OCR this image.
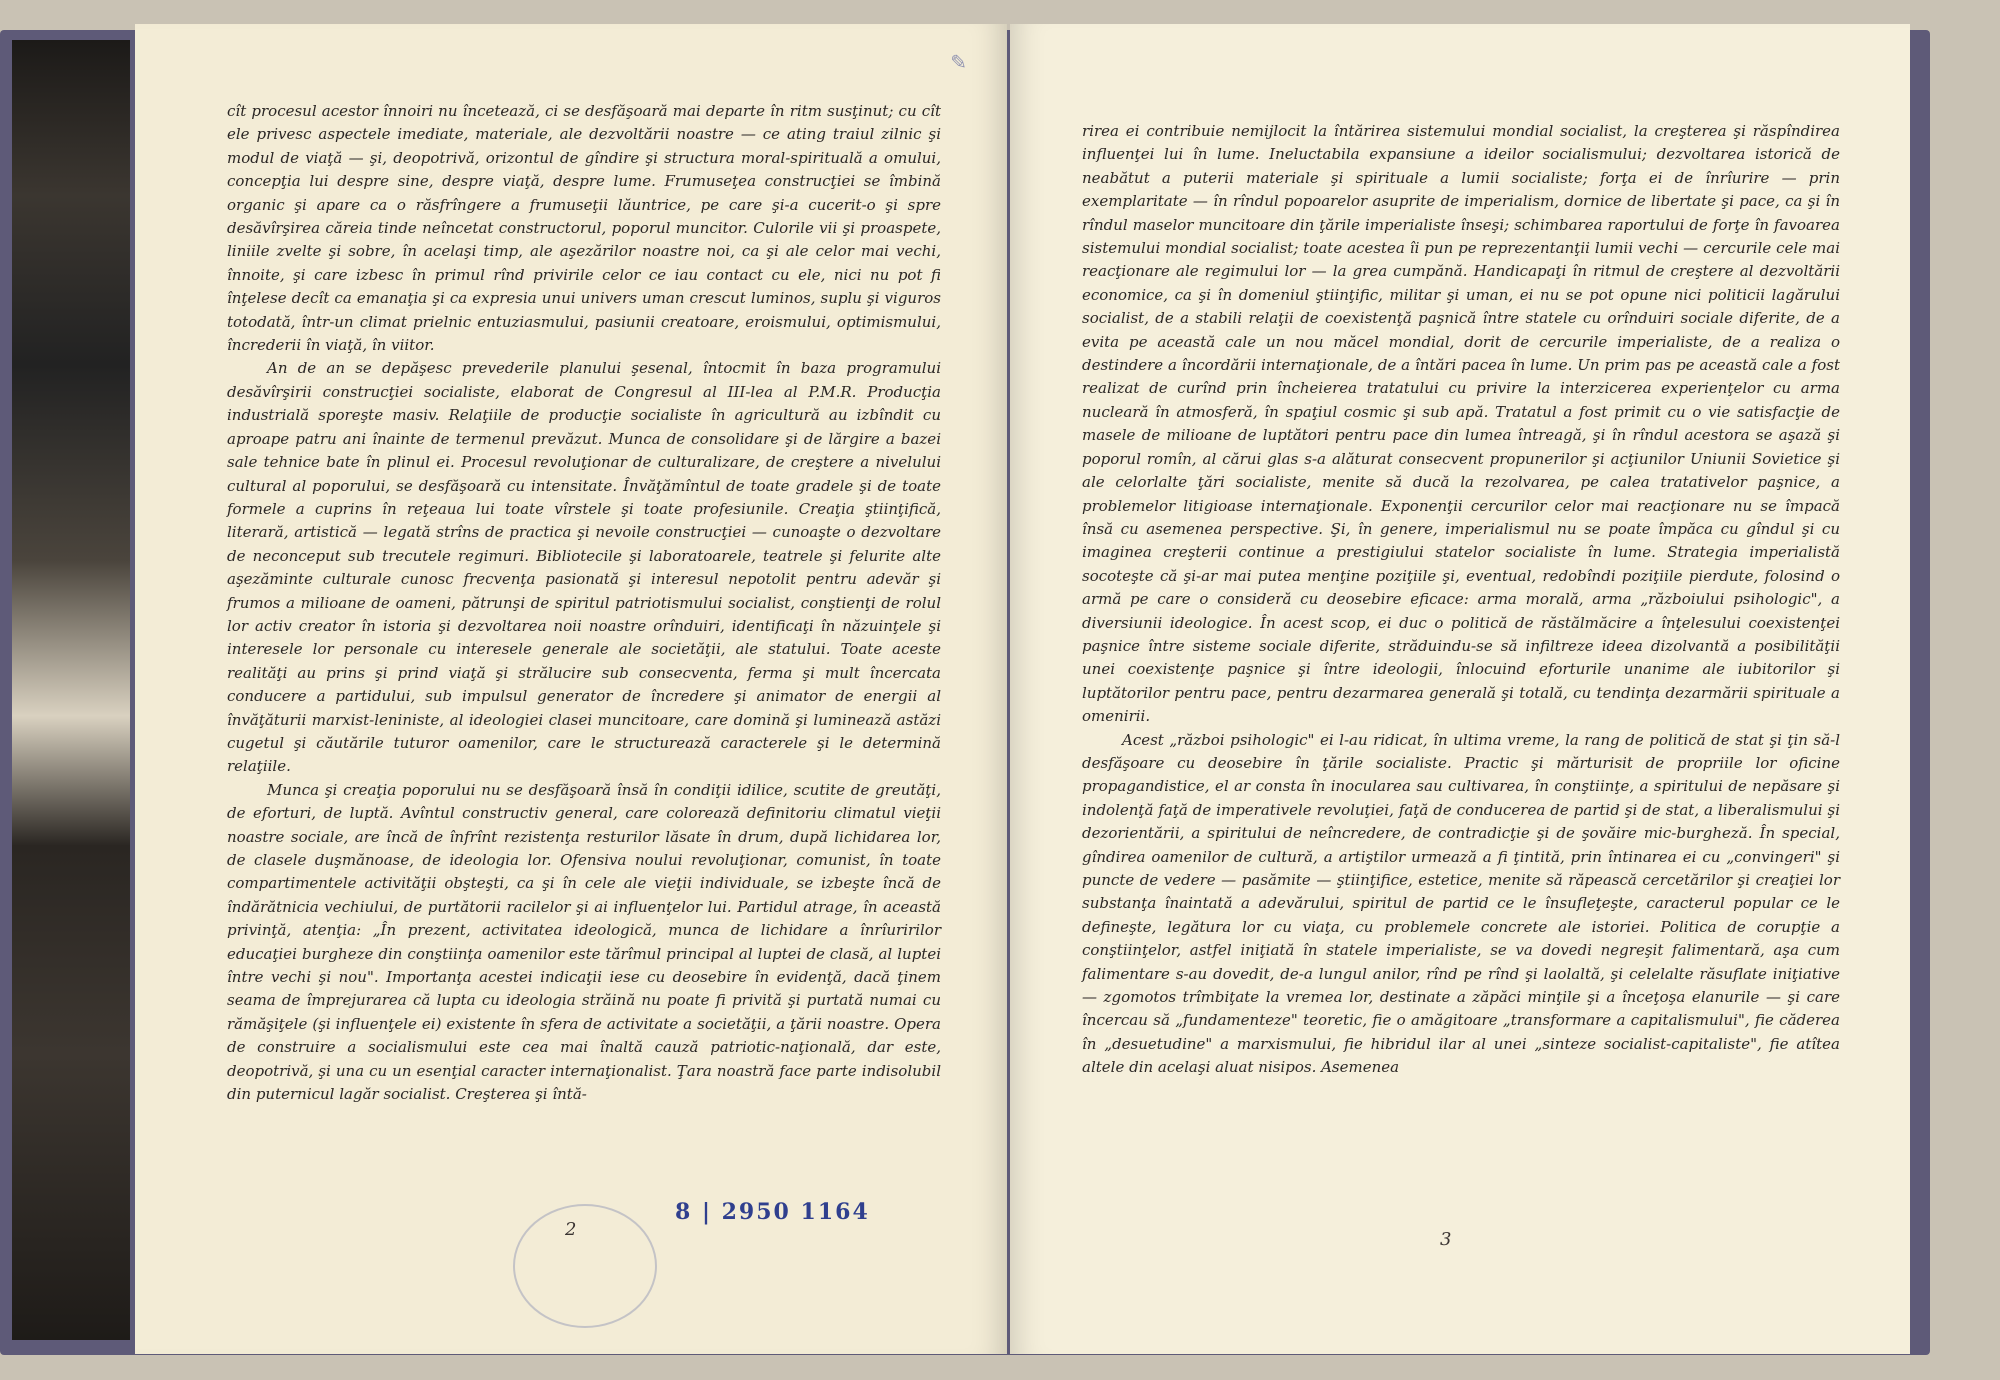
✎

cît procesul acestor înnoiri nu încetează, ci se desfăşoară mai departe în ritm susţinut; cu cît ele privesc aspectele imediate, materiale, ale dezvoltării noastre — ce ating traiul zilnic şi modul de viaţă — şi, deopotrivă, orizontul de gîndire şi structura moral-spirituală a omului, concepţia lui despre sine, despre viaţă, despre lume. Frumuseţea construcţiei se îmbină organic şi apare ca o răsfrîngere a frumuseţii lăuntrice, pe care şi-a cucerit-o şi spre desăvîrşirea căreia tinde neîncetat constructorul, poporul muncitor. Culorile vii şi proaspete, liniile zvelte şi sobre, în acelaşi timp, ale aşezărilor noastre noi, ca şi ale celor mai vechi, înnoite, şi care izbesc în primul rînd privirile celor ce iau contact cu ele, nici nu pot fi înţelese decît ca emanaţia şi ca expresia unui univers uman crescut luminos, suplu şi viguros totodată, într-un climat prielnic entuziasmului, pasiunii creatoare, eroismului, optimismului, încrederii în viaţă, în viitor.

An de an se depăşesc prevederile planului şesenal, întocmit în baza programului desăvîrşirii construcţiei socialiste, elaborat de Congresul al III-lea al P.M.R. Producţia industrială sporeşte masiv. Relaţiile de producţie socialiste în agricultură au izbîndit cu aproape patru ani înainte de termenul prevăzut. Munca de consolidare şi de lărgire a bazei sale tehnice bate în plinul ei. Procesul revoluţionar de culturalizare, de creştere a nivelului cultural al poporului, se desfăşoară cu intensitate. Învăţămîntul de toate gradele şi de toate formele a cuprins în reţeaua lui toate vîrstele şi toate profesiunile. Creaţia ştiinţifică, literară, artistică — legată strîns de practica şi nevoile construcţiei — cunoaşte o dezvoltare de neconceput sub trecutele regimuri. Bibliotecile şi laboratoarele, teatrele şi felurite alte aşezăminte culturale cunosc frecvenţa pasionată şi interesul nepotolit pentru adevăr şi frumos a milioane de oameni, pătrunşi de spiritul patriotismului socialist, conştienţi de rolul lor activ creator în istoria şi dezvoltarea noii noastre orînduiri, identificaţi în năzuinţele şi interesele lor personale cu interesele generale ale societăţii, ale statului. Toate aceste realităţi au prins şi prind viaţă şi strălucire sub consecventa, ferma şi mult încercata conducere a partidului, sub impulsul generator de încredere şi animator de energii al învăţăturii marxist-leniniste, al ideologiei clasei muncitoare, care domină şi luminează astăzi cugetul şi căutările tuturor oamenilor, care le structurează caracterele şi le determină relaţiile.

Munca şi creaţia poporului nu se desfăşoară însă în condiţii idilice, scutite de greutăţi, de eforturi, de luptă. Avîntul constructiv general, care colorează definitoriu climatul vieţii noastre sociale, are încă de înfrînt rezistenţa resturilor lăsate în drum, după lichidarea lor, de clasele duşmănoase, de ideologia lor. Ofensiva noului revoluţionar, comunist, în toate compartimentele activităţii obşteşti, ca şi în cele ale vieţii individuale, se izbeşte încă de îndărătnicia vechiului, de purtătorii racilelor şi ai influenţelor lui. Partidul atrage, în această privinţă, atenţia: „În prezent, activitatea ideologică, munca de lichidare a înrîuririlor educaţiei burgheze din conştiinţa oamenilor este tărîmul principal al luptei de clasă, al luptei între vechi şi nou". Importanţa acestei indicaţii iese cu deosebire în evidenţă, dacă ţinem seama de împrejurarea că lupta cu ideologia străină nu poate fi privită şi purtată numai cu rămăşiţele (şi influenţele ei) existente în sfera de activitate a societăţii, a ţării noastre. Opera de construire a socialismului este cea mai înaltă cauză patriotic-naţională, dar este, deopotrivă, şi una cu un esenţial caracter internaţionalist. Ţara noastră face parte indisolubil din puternicul lagăr socialist. Creşterea şi întă-

2
8 | 2950 1164

rirea ei contribuie nemijlocit la întărirea sistemului mondial socialist, la creşterea şi răspîndirea influenţei lui în lume. Ineluctabila expansiune a ideilor socialismului; dezvoltarea istorică de neabătut a puterii materiale şi spirituale a lumii socialiste; forţa ei de înrîurire — prin exemplaritate — în rîndul popoarelor asuprite de imperialism, dornice de libertate şi pace, ca şi în rîndul maselor muncitoare din ţările imperialiste înseşi; schimbarea raportului de forţe în favoarea sistemului mondial socialist; toate acestea îi pun pe reprezentanţii lumii vechi — cercurile cele mai reacţionare ale regimului lor — la grea cumpănă. Handicapaţi în ritmul de creştere al dezvoltării economice, ca şi în domeniul ştiinţific, militar şi uman, ei nu se pot opune nici politicii lagărului socialist, de a stabili relaţii de coexistenţă paşnică între statele cu orînduiri sociale diferite, de a evita pe această cale un nou măcel mondial, dorit de cercurile imperialiste, de a realiza o destindere a încordării internaţionale, de a întări pacea în lume. Un prim pas pe această cale a fost realizat de curînd prin încheierea tratatului cu privire la interzicerea experienţelor cu arma nucleară în atmosferă, în spaţiul cosmic şi sub apă. Tratatul a fost primit cu o vie satisfacţie de masele de milioane de luptători pentru pace din lumea întreagă, şi în rîndul acestora se aşază şi poporul romîn, al cărui glas s-a alăturat consecvent propunerilor şi acţiunilor Uniunii Sovietice şi ale celorlalte ţări socialiste, menite să ducă la rezolvarea, pe calea tratativelor paşnice, a problemelor litigioase internaţionale. Exponenţii cercurilor celor mai reacţionare nu se împacă însă cu asemenea perspective. Şi, în genere, imperialismul nu se poate împăca cu gîndul şi cu imaginea creşterii continue a prestigiului statelor socialiste în lume. Strategia imperialistă socoteşte că şi-ar mai putea menţine poziţiile şi, eventual, redobîndi poziţiile pierdute, folosind o armă pe care o consideră cu deosebire eficace: arma morală, arma „războiului psihologic", a diversiunii ideologice. În acest scop, ei duc o politică de răstălmăcire a înţelesului coexistenţei paşnice între sisteme sociale diferite, străduindu-se să infiltreze ideea dizolvantă a posibilităţii unei coexistenţe paşnice şi între ideologii, înlocuind eforturile unanime ale iubitorilor şi luptătorilor pentru pace, pentru dezarmarea generală şi totală, cu tendinţa dezarmării spirituale a omenirii.

Acest „război psihologic" ei l-au ridicat, în ultima vreme, la rang de politică de stat şi ţin să-l desfăşoare cu deosebire în ţările socialiste. Practic şi mărturisit de propriile lor oficine propagandistice, el ar consta în inocularea sau cultivarea, în conştiinţe, a spiritului de nepăsare şi indolenţă faţă de imperativele revoluţiei, faţă de conducerea de partid şi de stat, a liberalismului şi dezorientării, a spiritului de neîncredere, de contradicţie şi de şovăire mic-burgheză. În special, gîndirea oamenilor de cultură, a artiştilor urmează a fi ţintită, prin întinarea ei cu „convingeri" şi puncte de vedere — pasămite — ştiinţifice, estetice, menite să răpească cercetărilor şi creaţiei lor substanţa înaintată a adevărului, spiritul de partid ce le însufleţeşte, caracterul popular ce le defineşte, legătura lor cu viaţa, cu problemele concrete ale istoriei. Politica de corupţie a conştiinţelor, astfel iniţiată în statele imperialiste, se va dovedi negreşit falimentară, aşa cum falimentare s-au dovedit, de-a lungul anilor, rînd pe rînd şi laolaltă, şi celelalte răsuflate iniţiative — zgomotos trîmbiţate la vremea lor, destinate a zăpăci minţile şi a înceţoşa elanurile — şi care încercau să „fundamenteze" teoretic, fie o amăgitoare „transformare a capitalismului", fie căderea în „desuetudine" a marxismului, fie hibridul ilar al unei „sinteze socialist-capitaliste", fie atîtea altele din acelaşi aluat nisipos. Asemenea

3
